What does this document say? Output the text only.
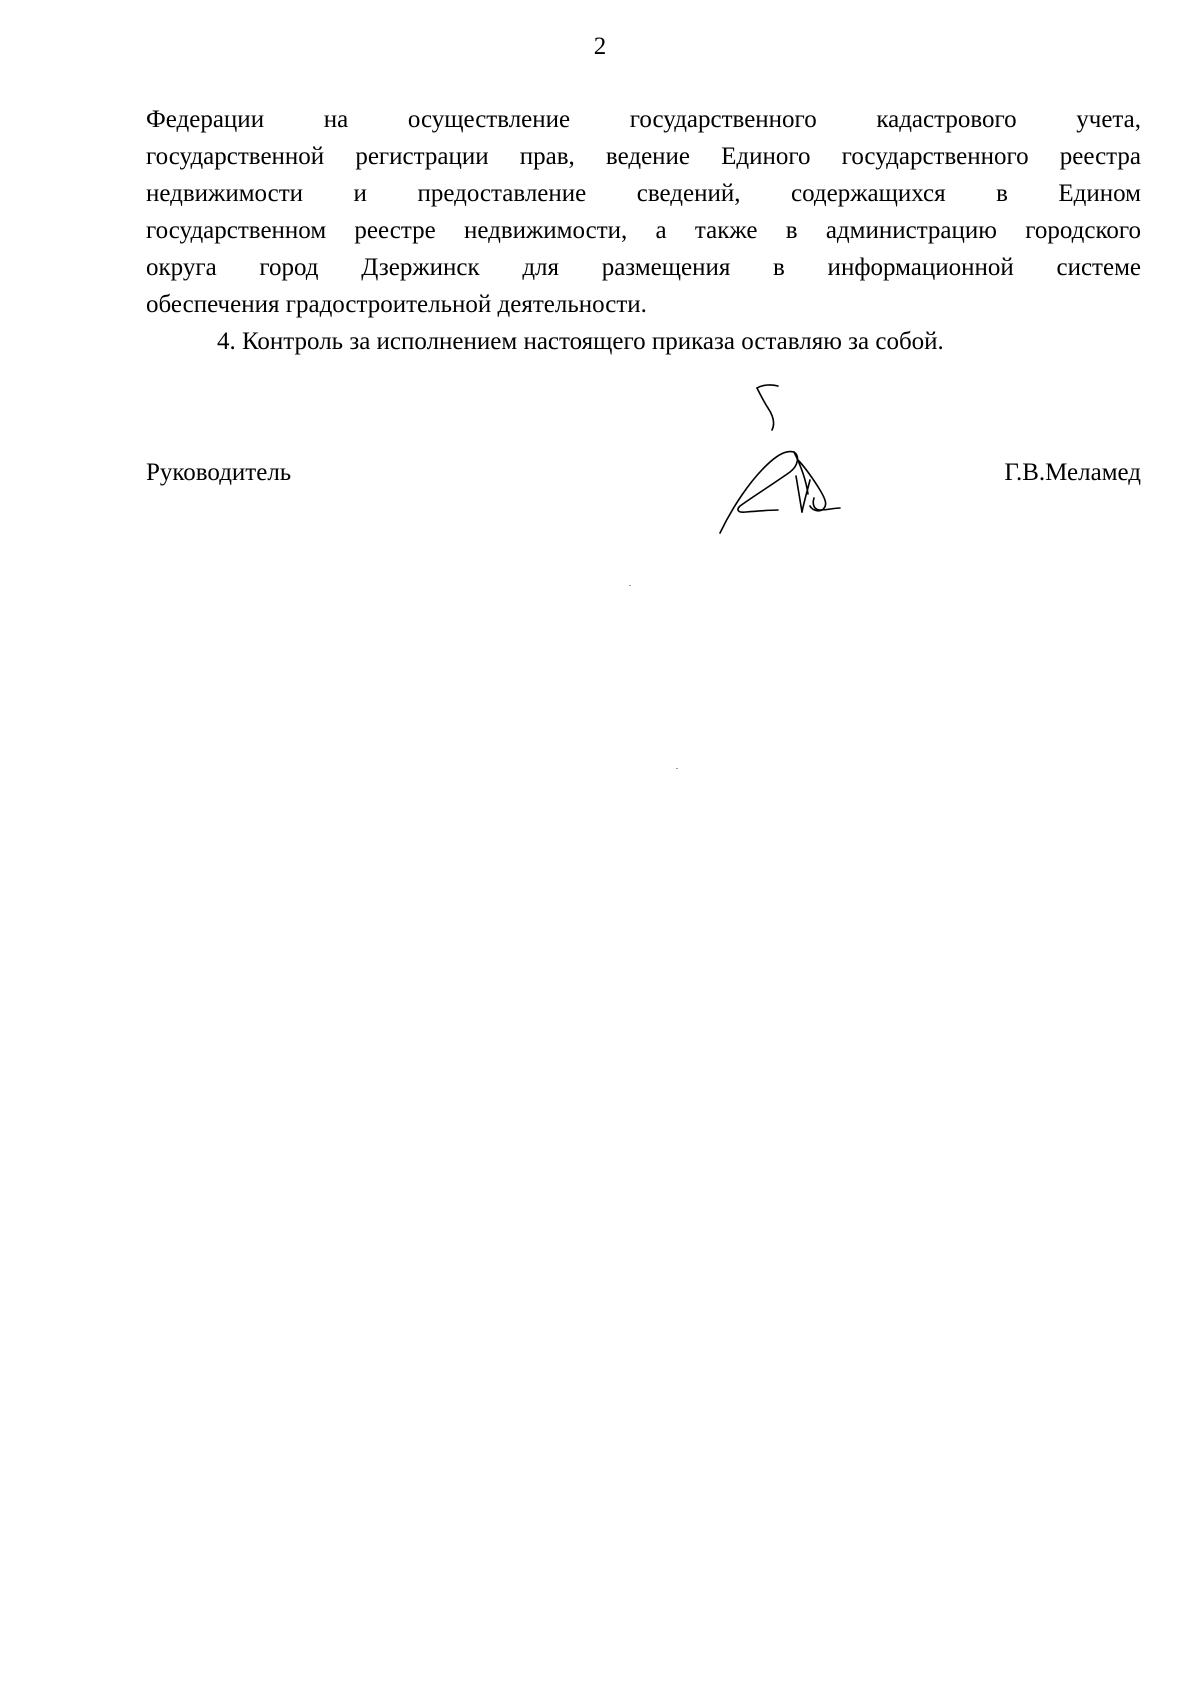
2

Федерации на осуществление государственного кадастрового учета,
государственной регистрации прав, ведение Единого государственного реестра
недвижимости и предоставление сведений, содержащихся в Едином
государственном реестре недвижимости, а также в администрацию городского
округа город Дзержинск для размещения в информационной системе
обеспечения градостроительной деятельности.

4. Контроль за исполнением настоящего приказа оставляю за собой.

Руководитель	Г.В.Меламед
